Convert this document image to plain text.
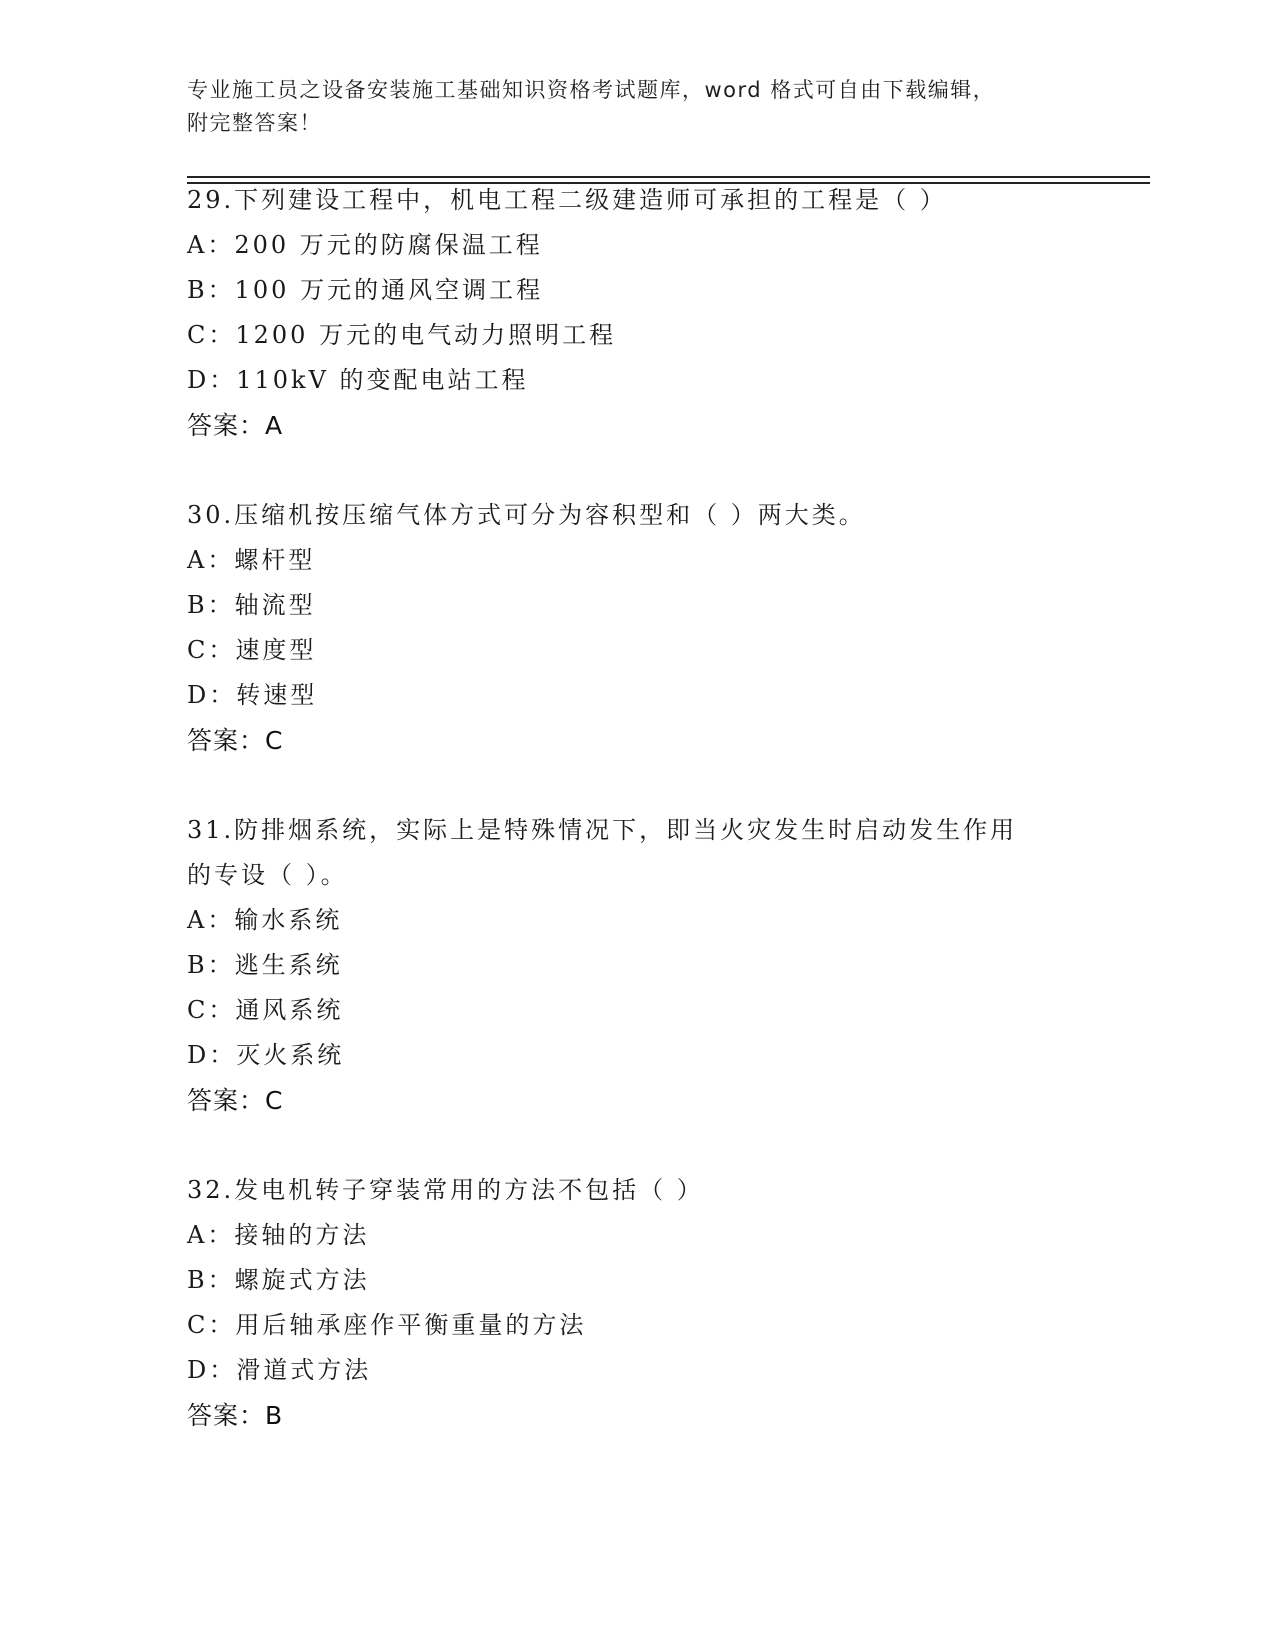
专业施工员之设备安装施工基础知识资格考试题库，word 格式可自由下载编辑，
附完整答案！
29.下列建设工程中，机电工程二级建造师可承担的工程是（ ）
A：200 万元的防腐保温工程
B：100 万元的通风空调工程
C：1200 万元的电气动力照明工程
D：110kV 的变配电站工程
答案：A
30.压缩机按压缩气体方式可分为容积型和（ ）两大类。
A：螺杆型
B：轴流型
C：速度型
D：转速型
答案：C
31.防排烟系统，实际上是特殊情况下，即当火灾发生时启动发生作用
的专设（ ）。
A：输水系统
B：逃生系统
C：通风系统
D：灭火系统
答案：C
32.发电机转子穿装常用的方法不包括（ ）
A：接轴的方法
B：螺旋式方法
C：用后轴承座作平衡重量的方法
D：滑道式方法
答案：B
